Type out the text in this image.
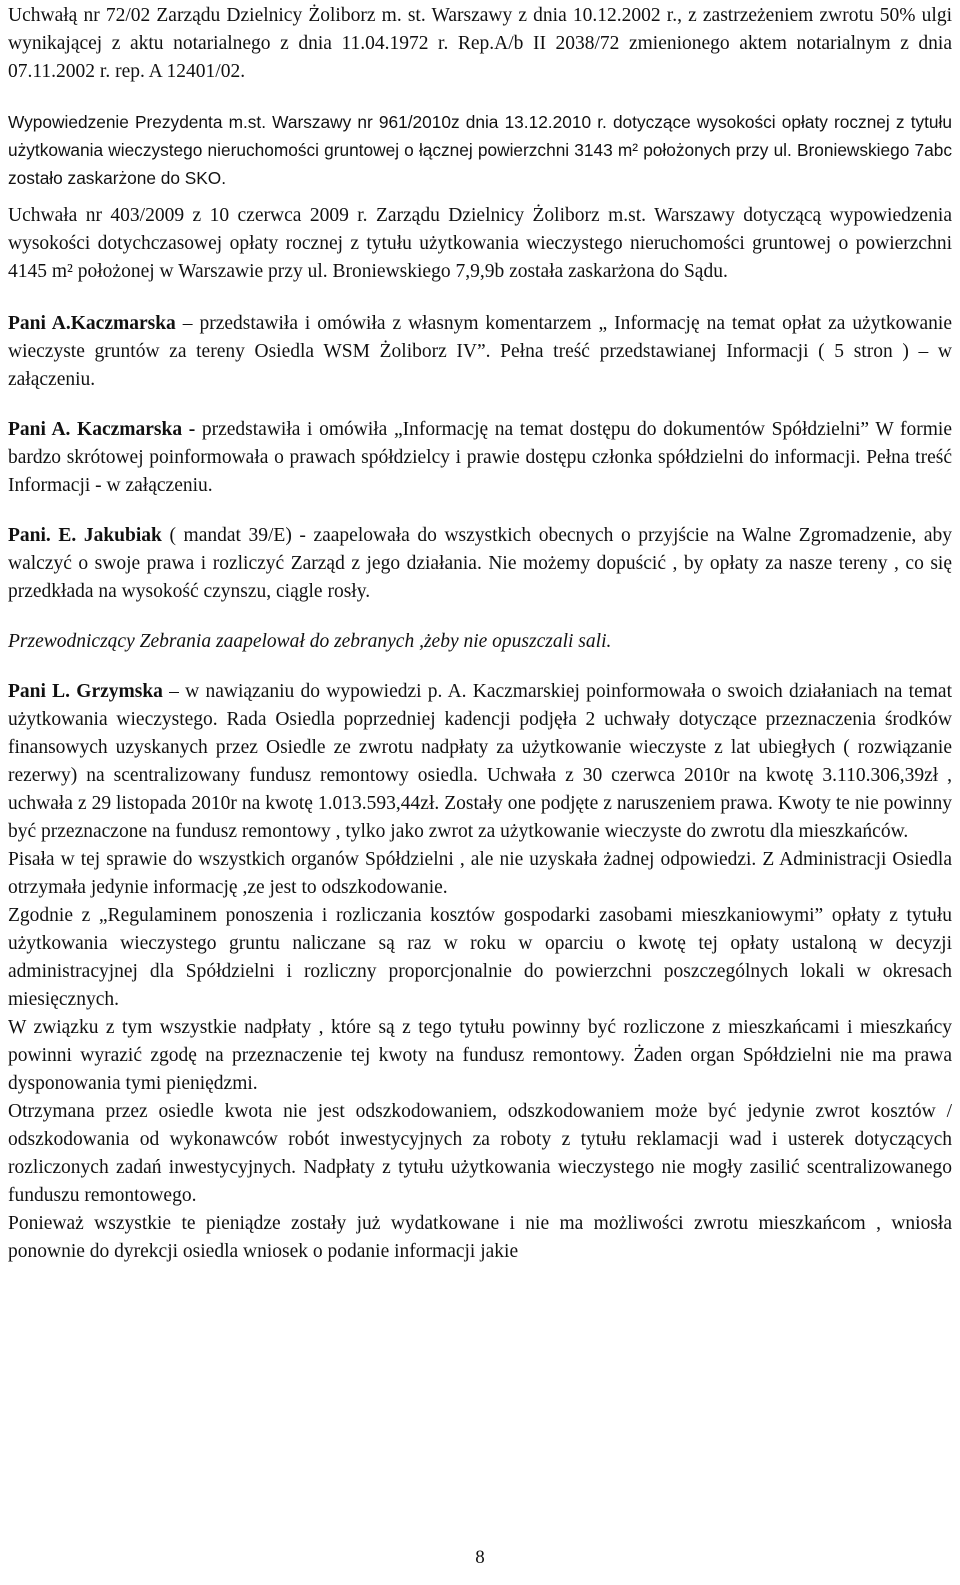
Uchwałą nr 72/02 Zarządu Dzielnicy Żoliborz m. st. Warszawy z dnia 10.12.2002 r., z zastrzeżeniem zwrotu 50% ulgi wynikającej z aktu notarialnego z dnia 11.04.1972 r. Rep.A/b II 2038/72 zmienionego aktem notarialnym z dnia 07.11.2002 r. rep. A 12401/02.

Wypowiedzenie Prezydenta m.st. Warszawy nr 961/2010z dnia 13.12.2010 r. dotyczące wysokości opłaty rocznej z tytułu użytkowania wieczystego nieruchomości gruntowej o łącznej powierzchni 3143 m² położonych przy ul. Broniewskiego 7abc zostało zaskarżone do SKO.

Uchwała nr 403/2009 z 10 czerwca 2009 r. Zarządu Dzielnicy Żoliborz m.st. Warszawy dotyczącą wypowiedzenia wysokości dotychczasowej opłaty rocznej z tytułu użytkowania wieczystego nieruchomości gruntowej o powierzchni 4145 m² położonej w Warszawie przy ul. Broniewskiego 7,9,9b została zaskarżona do Sądu.

Pani A.Kaczmarska – przedstawiła i omówiła z własnym komentarzem „ Informację na temat opłat za użytkowanie wieczyste gruntów za tereny Osiedla WSM Żoliborz IV”. Pełna treść przedstawianej Informacji ( 5 stron ) – w załączeniu.

Pani A. Kaczmarska - przedstawiła i omówiła „Informację na temat dostępu do dokumentów Spółdzielni” W formie bardzo skrótowej poinformowała o prawach spółdzielcy i prawie dostępu członka spółdzielni do informacji. Pełna treść Informacji - w załączeniu.

Pani. E. Jakubiak ( mandat 39/E) - zaapelowała do wszystkich obecnych o przyjście na Walne Zgromadzenie, aby walczyć o swoje prawa i rozliczyć Zarząd z jego działania. Nie możemy dopuścić , by opłaty za nasze tereny , co się przedkłada na wysokość czynszu, ciągle rosły.

Przewodniczący Zebrania zaapelował do zebranych ,żeby nie opuszczali sali.

Pani L. Grzymska – w nawiązaniu do wypowiedzi p. A. Kaczmarskiej poinformowała o swoich działaniach na temat użytkowania wieczystego. Rada Osiedla poprzedniej kadencji podjęła 2 uchwały dotyczące przeznaczenia środków finansowych uzyskanych przez Osiedle ze zwrotu nadpłaty za użytkowanie wieczyste z lat ubiegłych ( rozwiązanie rezerwy) na scentralizowany fundusz remontowy osiedla. Uchwała z 30 czerwca 2010r na kwotę 3.110.306,39zł , uchwała z 29 listopada 2010r na kwotę 1.013.593,44zł. Zostały one podjęte z naruszeniem prawa. Kwoty te nie powinny być przeznaczone na fundusz remontowy , tylko jako zwrot za użytkowanie wieczyste do zwrotu dla mieszkańców.

Pisała w tej sprawie do wszystkich organów Spółdzielni , ale nie uzyskała żadnej odpowiedzi. Z Administracji Osiedla otrzymała jedynie informację ,ze jest to odszkodowanie.

Zgodnie z „Regulaminem ponoszenia i rozliczania kosztów gospodarki zasobami mieszkaniowymi” opłaty z tytułu użytkowania wieczystego gruntu naliczane są raz w roku w oparciu o kwotę tej opłaty ustaloną w decyzji administracyjnej dla Spółdzielni i rozliczny proporcjonalnie do powierzchni poszczególnych lokali w okresach miesięcznych.

W związku z tym wszystkie nadpłaty , które są z tego tytułu powinny być rozliczone z mieszkańcami i mieszkańcy powinni wyrazić zgodę na przeznaczenie tej kwoty na fundusz remontowy. Żaden organ Spółdzielni nie ma prawa dysponowania tymi pieniędzmi.

Otrzymana przez osiedle kwota nie jest odszkodowaniem, odszkodowaniem może być jedynie zwrot kosztów / odszkodowania od wykonawców robót inwestycyjnych za roboty z tytułu reklamacji wad i usterek dotyczących rozliczonych zadań inwestycyjnych. Nadpłaty z tytułu użytkowania wieczystego nie mogły zasilić scentralizowanego funduszu remontowego.

Ponieważ wszystkie te pieniądze zostały już wydatkowane i nie ma możliwości zwrotu mieszkańcom , wniosła ponownie do dyrekcji osiedla wniosek o podanie informacji jakie

8
